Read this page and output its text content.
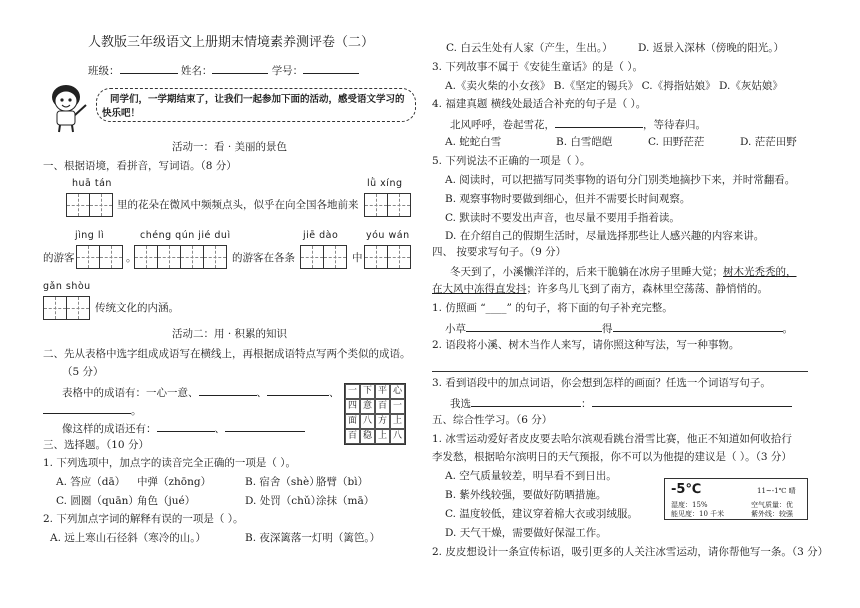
人教版三年级语文上册期末情境素养测评卷（二）
班级：	姓名：	学号：
同学们，一学期结束了，让我们一起参加下面的活动，感受语文学习的
快乐吧！
活动一：看 · 美丽的景色
一、根据语境，看拼音，写词语。（8 分）
huā tán	lǜ xíng
里的花朵在微风中频频点头，似乎在向全国各地前来
jìng lì	chéng qún jié duì	jiē dào	yóu wán
的游客	。	的游客在各条	中
gǎn shòu
传统文化的内涵。
活动二：用 · 积累的知识
二、先从表格中选字组成成语写在横线上，再根据成语特点写两个类似的成语。
（5 分）
表格中的成语有：一心一意、	、	、
。
像这样的成语还有：	、
一 下 平 心
四 意 百 一
面 八 方 上
百 稳 上 八
三、选择题。（10 分）
1. 下列选项中，加点字的读音完全正确的一项是（ ）。
A. 答应（dā） 中弹（zhōng）	B. 宿舍（shè）
胳臂（bì）
C. 圆圈（quān）
角色（jué）	D. 处罚（chǔ）
涂抹（mā）
2. 下列加点字词的解释有误的一项是（ ）。
A. 远上寒山石径斜（寒冷的山。）	B. 夜深篱落一灯明（篱笆。）
C. 白云生处有人家（产生，生出。） D. 返景入深林（傍晚的阳光。）
3. 下列故事不属于《安徒生童话》的是（ ）。
A.《卖火柴的小女孩》 B.《坚定的锡兵》 C.《拇指姑娘》 D.《灰姑娘》
4. 福建真题 横线处最适合补充的句子是（ ）。
北风呼呼，卷起雪花，	，等待春归。
A. 蛇蛇白雪	B. 白雪皑皑	C. 田野茫茫	D. 茫茫田野
5. 下列说法不正确的一项是（ ）。
A. 阅读时，可以把描写同类事物的语句分门别类地摘抄下来，并时常翻看。
B. 观察事物时要做到细心，但并不需要长时间观察。
C. 默读时不要发出声音，也尽量不要用手指着读。
D. 在介绍自己的假期生活时，尽量选择那些让人感兴趣的内容来讲。
四、 按要求写句子。（9 分）
冬天到了，小溪懒洋洋的，后来干脆躺在冰房子里睡大觉；树木光秃秃的，
在大风中冻得直发抖；许多鸟儿飞到了南方，森林里空荡荡、静悄悄的。
1. 仿照画 “____” 的句子，将下面的句子补充完整。
小草	得	。
2. 语段将小溪、树木当作人来写，请你照这种写法，写一种事物。
3. 看到语段中的加点词语，你会想到怎样的画面？任选一个词语写句子。
我选	：
五、综合性学习。（6 分）
1. 冰雪运动爱好者皮皮要去哈尔滨观看跳台滑雪比赛，他正不知道如何收拾行
李发愁，根据哈尔滨明日的天气预报，你不可以为他提的建议是（ ）。（3 分）
A. 空气质量较差，明早看不到日出。
B. 紫外线较强，要做好防晒措施。
C. 温度较低，建议穿着棉大衣或羽绒服。
D. 天气干燥，需要做好保湿工作。
2. 皮皮想设计一条宣传标语，吸引更多的人关注冰雪运动，请你帮他写一条。（3 分）
-5℃	11~-1℃ 晴
湿度：15%	空气质量：优
能见度：10 千米	紫外线：较强
